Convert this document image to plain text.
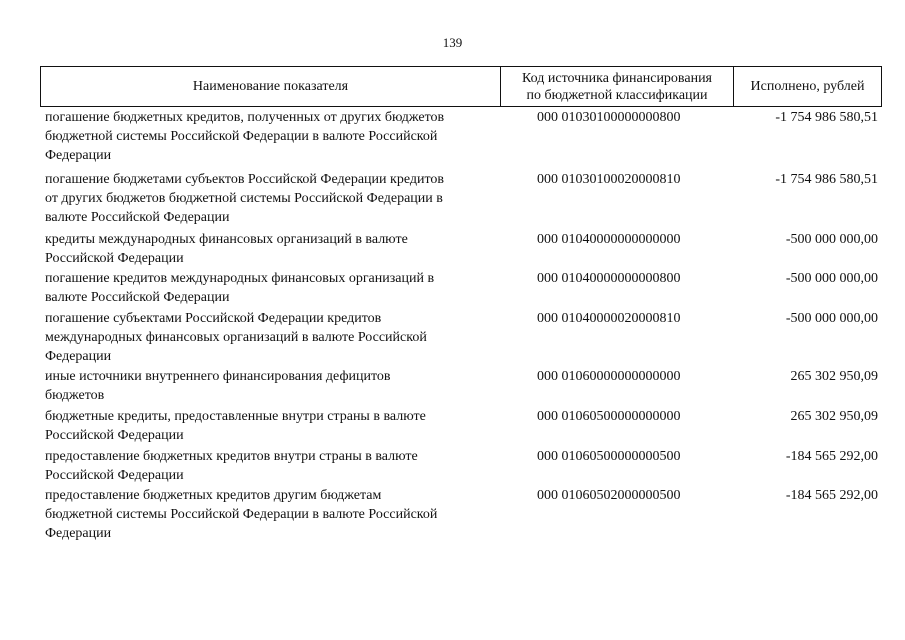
139
Наименование показателя
Код источника финансирования
по бюджетной классификации
Исполнено, рублей
погашение бюджетных кредитов, полученных от других бюджетов
бюджетной системы Российской Федерации в валюте Российской
Федерации
000 01030100000000800	-1 754 986 580,51
погашение бюджетами субъектов Российской Федерации кредитов
от других бюджетов бюджетной системы Российской Федерации в
валюте Российской Федерации
000 01030100020000810	-1 754 986 580,51
кредиты международных финансовых организаций в валюте
Российской Федерации
000 01040000000000000	-500 000 000,00
погашение кредитов международных финансовых организаций в
валюте Российской Федерации
000 01040000000000800	-500 000 000,00
погашение субъектами Российской Федерации кредитов
международных финансовых организаций в валюте Российской
Федерации
000 01040000020000810	-500 000 000,00
иные источники внутреннего финансирования дефицитов
бюджетов
000 01060000000000000	265 302 950,09
бюджетные кредиты, предоставленные внутри страны в валюте
Российской Федерации
000 01060500000000000	265 302 950,09
предоставление бюджетных кредитов внутри страны в валюте
Российской Федерации
000 01060500000000500	-184 565 292,00
предоставление бюджетных кредитов другим бюджетам
бюджетной системы Российской Федерации в валюте Российской
Федерации
000 01060502000000500	-184 565 292,00
